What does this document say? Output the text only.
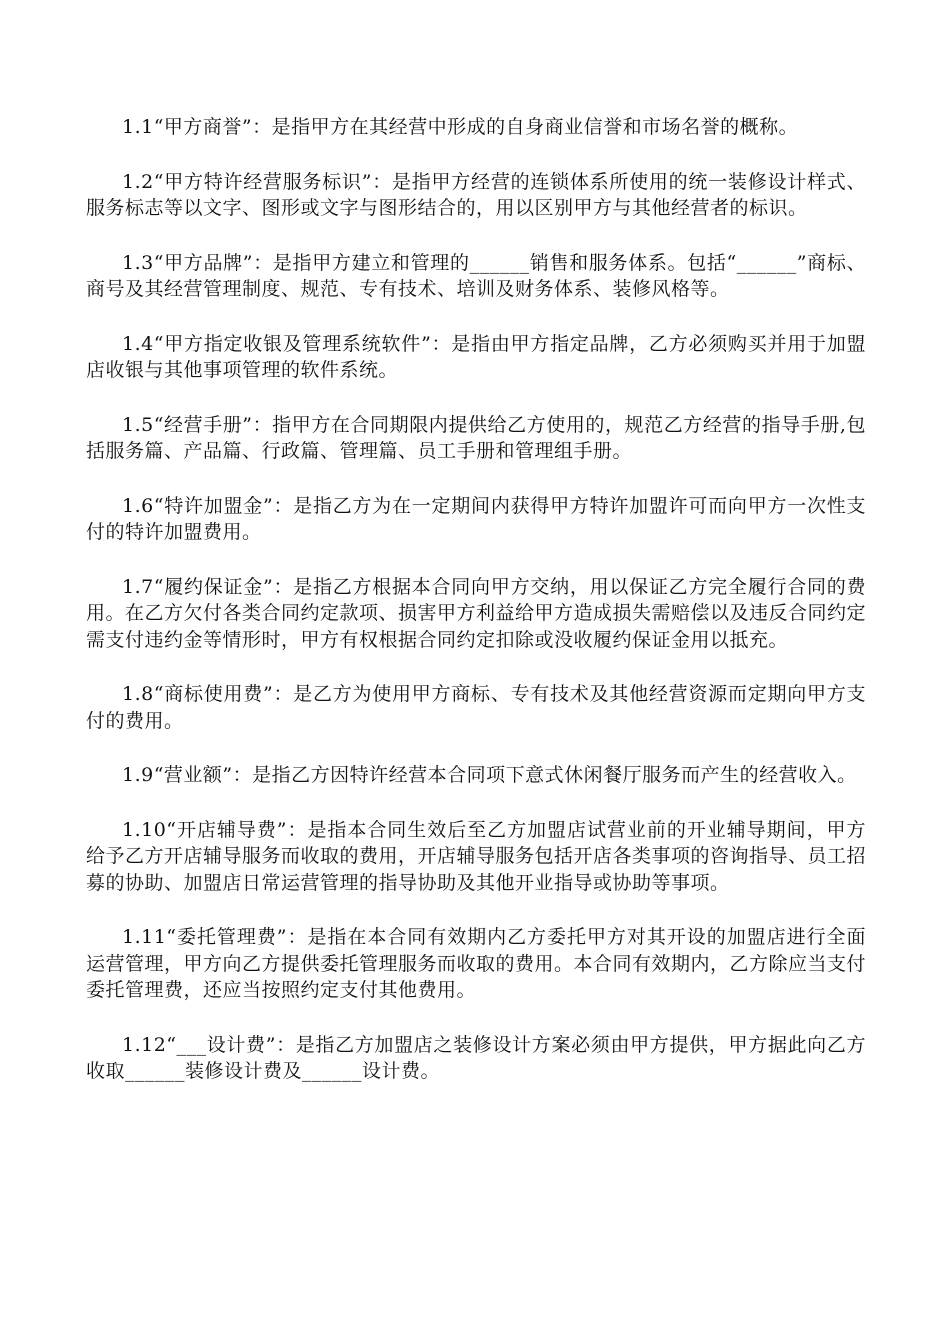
1.1“甲方商誉”：是指甲方在其经营中形成的自身商业信誉和市场名誉的概称。

1.2“甲方特许经营服务标识”：是指甲方经营的连锁体系所使用的统一装修设计样式、服务标志等以文字、图形或文字与图形结合的，用以区别甲方与其他经营者的标识。

1.3“甲方品牌”：是指甲方建立和管理的______销售和服务体系。包括“______”商标、商号及其经营管理制度、规范、专有技术、培训及财务体系、装修风格等。

1.4“甲方指定收银及管理系统软件”：是指由甲方指定品牌，乙方必须购买并用于加盟店收银与其他事项管理的软件系统。

1.5“经营手册”：指甲方在合同期限内提供给乙方使用的，规范乙方经营的指导手册,包括服务篇、产品篇、行政篇、管理篇、员工手册和管理组手册。

1.6“特许加盟金”：是指乙方为在一定期间内获得甲方特许加盟许可而向甲方一次性支付的特许加盟费用。

1.7“履约保证金”：是指乙方根据本合同向甲方交纳，用以保证乙方完全履行合同的费用。在乙方欠付各类合同约定款项、损害甲方利益给甲方造成损失需赔偿以及违反合同约定需支付违约金等情形时，甲方有权根据合同约定扣除或没收履约保证金用以抵充。

1.8“商标使用费”：是乙方为使用甲方商标、专有技术及其他经营资源而定期向甲方支付的费用。

1.9“营业额”：是指乙方因特许经营本合同项下意式休闲餐厅服务而产生的经营收入。

1.10“开店辅导费”：是指本合同生效后至乙方加盟店试营业前的开业辅导期间，甲方给予乙方开店辅导服务而收取的费用，开店辅导服务包括开店各类事项的咨询指导、员工招募的协助、加盟店日常运营管理的指导协助及其他开业指导或协助等事项。

1.11“委托管理费”：是指在本合同有效期内乙方委托甲方对其开设的加盟店进行全面运营管理，甲方向乙方提供委托管理服务而收取的费用。本合同有效期内，乙方除应当支付委托管理费，还应当按照约定支付其他费用。

1.12“___设计费”：是指乙方加盟店之装修设计方案必须由甲方提供，甲方据此向乙方收取______装修设计费及______设计费。
